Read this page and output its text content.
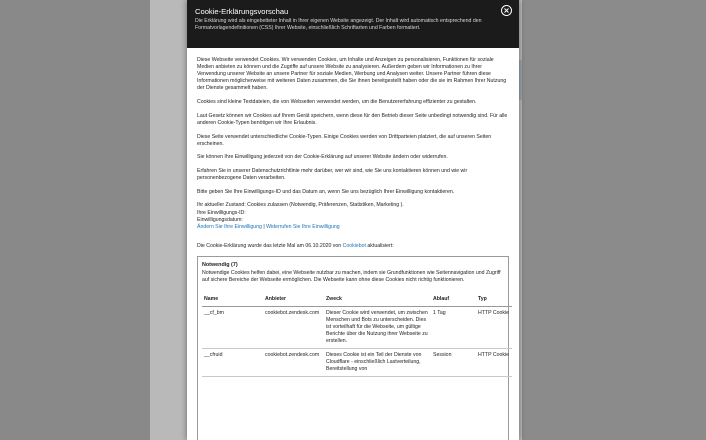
Cookie-Erklärungsvorschau
Die Erklärung wird als eingebetteter Inhalt in Ihrer eigenen Website angezeigt. Der Inhalt wird automatisch entsprechend den Formatvorlagendefinitionen (CSS) Ihrer Website, einschließlich Schriftarten und Farben formatiert.

Diese Webseite verwendet Cookies. Wir verwenden Cookies, um Inhalte und Anzeigen zu personalisieren, Funktionen für soziale Medien anbieten zu können und die Zugriffe auf unsere Website zu analysieren. Außerdem geben wir Informationen zu Ihrer Verwendung unserer Website an unsere Partner für soziale Medien, Werbung und Analysen weiter. Unsere Partner führen diese Informationen möglicherweise mit weiteren Daten zusammen, die Sie ihnen bereitgestellt haben oder die sie im Rahmen Ihrer Nutzung der Dienste gesammelt haben.

Cookies sind kleine Textdateien, die von Webseiten verwendet werden, um die Benutzererfahrung effizienter zu gestalten.

Laut Gesetz können wir Cookies auf Ihrem Gerät speichern, wenn diese für den Betrieb dieser Seite unbedingt notwendig sind. Für alle anderen Cookie-Typen benötigen wir Ihre Erlaubnis.

Diese Seite verwendet unterschiedliche Cookie-Typen. Einige Cookies werden von Drittparteien platziert, die auf unseren Seiten erscheinen.

Sie können Ihre Einwilligung jederzeit von der Cookie-Erklärung auf unserer Website ändern oder widerrufen.

Erfahren Sie in unserer Datenschutzrichtlinie mehr darüber, wer wir sind, wie Sie uns kontaktieren können und wie wir personenbezogene Daten verarbeiten.

Bitte geben Sie Ihre Einwilligungs-ID und das Datum an, wenn Sie uns bezüglich Ihrer Einwilligung kontaktieren.

Ihr aktueller Zustand: Cookies zulassen (Notwendig, Präferenzen, Statistiken, Marketing ).
Ihre Einwilligungs-ID:
Einwilligungsdatum:
Ändern Sie Ihre Einwilligung | Widerrufen Sie Ihre Einwilligung
Die Cookie-Erklärung wurde das letzte Mal am 06.10.2020 von Cookiebot aktualisiert:
Notwendig (7)
Notwendige Cookies helfen dabei, eine Webseite nutzbar zu machen, indem sie Grundfunktionen wie Seitennavigation und Zugriff auf sichere Bereiche der Webseite ermöglichen. Die Webseite kann ohne diese Cookies nicht richtig funktionieren.
Name	Anbieter	Zweck	Ablauf	Typ
__cf_bm	cookiebot.zendesk.com	Dieser Cookie wird verwendet, um zwischen Menschen und Bots zu unterscheiden. Dies ist vorteilhaft für die Webseite, um gültige Berichte über die Nutzung ihrer Webseite zu erstellen.	1 Tag	HTTP Cookie
__cfruid	cookiebot.zendesk.com	Dieses Cookie ist ein Teil der Dienste von Cloudflare - einschließlich Lastverteilung, Bereitstellung von	Session	HTTP Cookie
